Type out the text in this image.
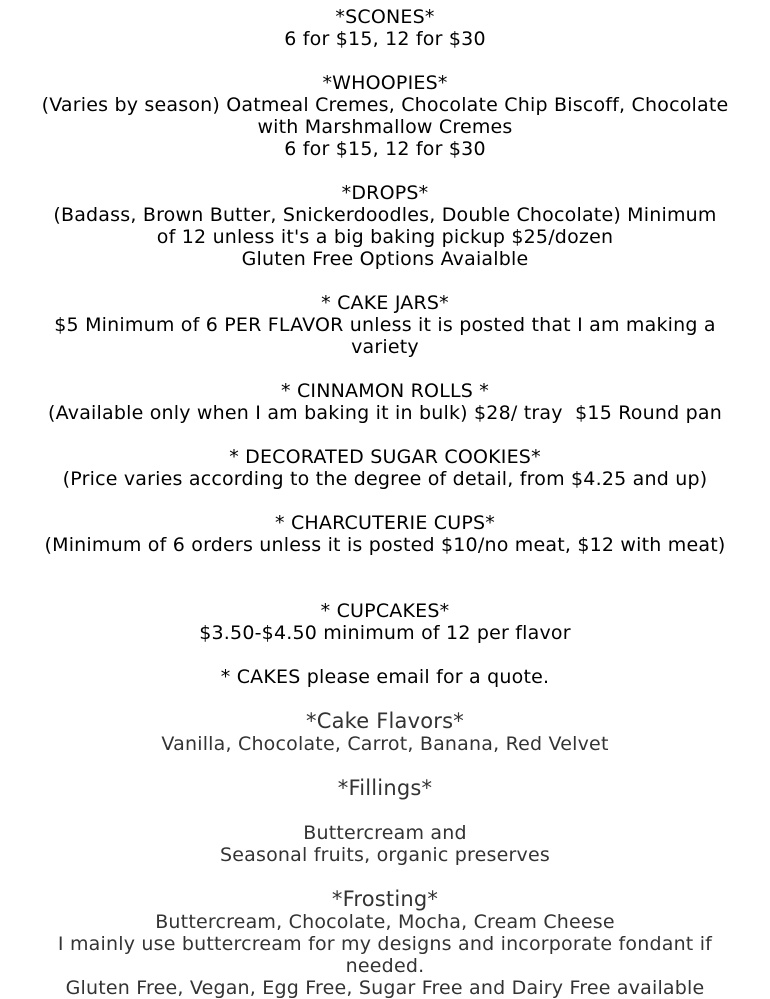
*SCONES*
6 for $15, 12 for $30
*WHOOPIES*
(Varies by season) Oatmeal Cremes, Chocolate Chip Biscoff, Chocolate
with Marshmallow Cremes
6 for $15, 12 for $30
*DROPS*
(Badass, Brown Butter, Snickerdoodles, Double Chocolate) Minimum
of 12 unless it's a big baking pickup $25/dozen
Gluten Free Options Avaialble
* CAKE JARS*
$5 Minimum of 6 PER FLAVOR unless it is posted that I am making a
variety
* CINNAMON ROLLS *
(Available only when I am baking it in bulk) $28/ tray  $15 Round pan
* DECORATED SUGAR COOKIES*
(Price varies according to the degree of detail, from $4.25 and up)
* CHARCUTERIE CUPS*
(Minimum of 6 orders unless it is posted $10/no meat, $12 with meat)
* CUPCAKES*
$3.50-$4.50 minimum of 12 per flavor
* CAKES please email for a quote.
*Cake Flavors*
Vanilla, Chocolate, Carrot, Banana, Red Velvet
*Fillings*
Buttercream and
Seasonal fruits, organic preserves
*Frosting*
Buttercream, Chocolate, Mocha, Cream Cheese
I mainly use buttercream for my designs and incorporate fondant if
needed.
Gluten Free, Vegan, Egg Free, Sugar Free and Dairy Free available
